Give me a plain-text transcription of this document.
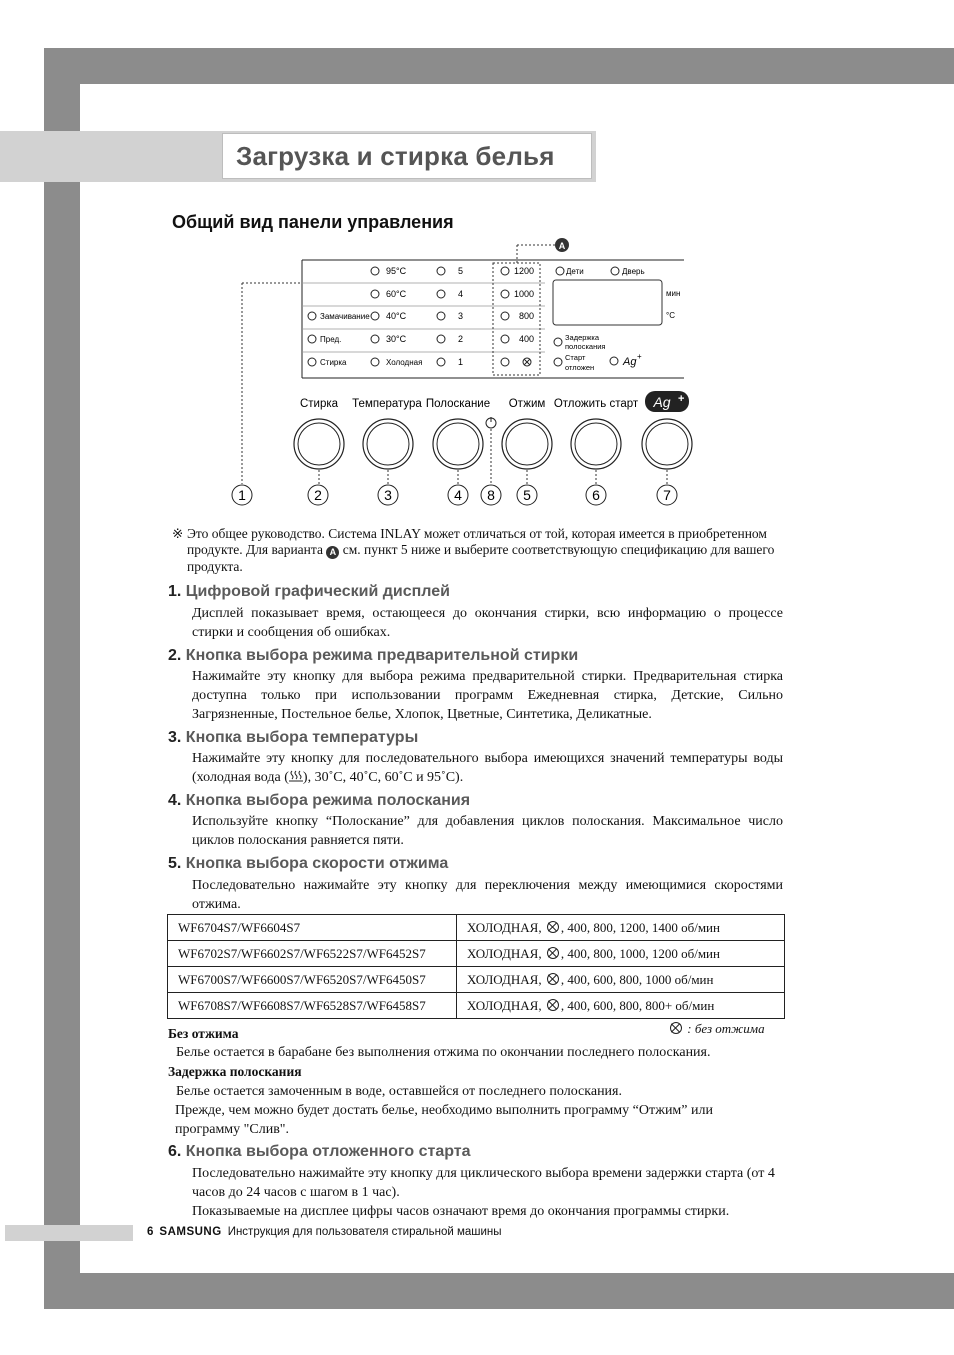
Загрузка и стирка белья
Общий вид панели управления
A
мин
°C
Замачивание
Пред.
Стирка
95°C
60°C
40°C
30°C
Холодная
5
4
3
2
1
1200
1000
800
400
Дети	Дверь
Задержка
полоскания
Старт
отложен	Ag +
Стирка Температура Полоскание Отжим Отложить старт Ag +
1	2	3	4 8 5	6	7
※ Это общее руководство. Система INLAY может отличаться от той, которая имеется в приобретенном продукте. Для варианта A см. пункт 5 ниже и выберите соответствующую спецификацию для вашего продукта.
1. Цифровой графический дисплей
Дисплей показывает время, остающееся до окончания стирки, всю информацию о процессе стирки и сообщения об ошибках.
2. Кнопка выбора режима предварительной стирки
Нажимайте эту кнопку для выбора режима предварительной стирки. Предварительная стирка доступна только при использовании программ Ежедневная стирка, Детские, Сильно Загрязненные, Постельное белье, Хлопок, Цветные, Синтетика, Деликатные.
3. Кнопка выбора температуры
Нажимайте эту кнопку для последовательного выбора имеющихся значений температуры воды (холодная вода ( ), 30˚C, 40˚C, 60˚C и 95˚C).
4. Кнопка выбора режима полоскания
Используйте кнопку “Полоскание” для добавления циклов полоскания. Максимальное число циклов полоскания равняется пяти.
5. Кнопка выбора скорости отжима
Последовательно нажимайте эту кнопку для переключения между имеющимися скоростями отжима.
WF6704S7/WF6604S7	ХОЛОДНАЯ, , 400, 800, 1200, 1400 об/мин
WF6702S7/WF6602S7/WF6522S7/WF6452S7	ХОЛОДНАЯ, , 400, 800, 1000, 1200 об/мин
WF6700S7/WF6600S7/WF6520S7/WF6450S7	ХОЛОДНАЯ, , 400, 600, 800, 1000 об/мин
WF6708S7/WF6608S7/WF6528S7/WF6458S7	ХОЛОДНАЯ, , 400, 600, 800, 800+ об/мин
: без отжима
Без отжима
Белье остается в барабане без выполнения отжима по окончании последнего полоскания.
Задержка полоскания
Белье остается замоченным в воде, оставшейся от последнего полоскания.
Прежде, чем можно будет достать белье, необходимо выполнить программу “Отжим” или программу "Слив".
6. Кнопка выбора отложенного старта
Последовательно нажимайте эту кнопку для циклического выбора времени задержки старта (от 4 часов до 24 часов с шагом в 1 час).
Показываемые на дисплее цифры часов означают время до окончания программы стирки.
6 SAMSUNG Инструкция для пользователя стиральной машины
